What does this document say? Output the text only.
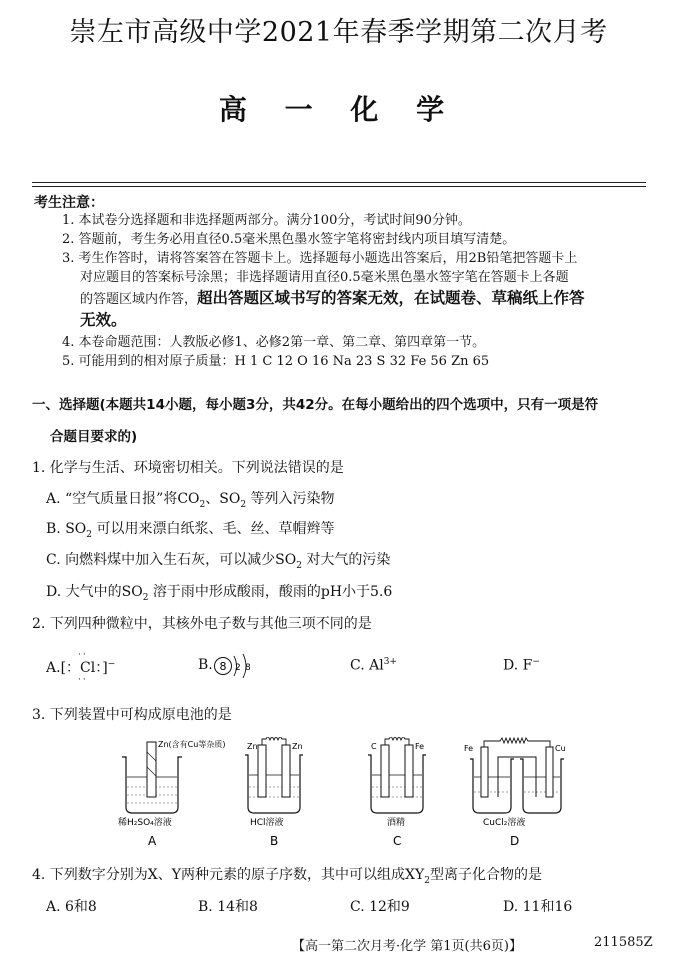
崇左市高级中学2021年春季学期第二次月考
高 一 化 学
考生注意：
1. 本试卷分选择题和非选择题两部分。满分100分，考试时间90分钟。
2. 答题前，考生务必用直径0.5毫米黑色墨水签字笔将密封线内项目填写清楚。
3. 考生作答时，请将答案答在答题卡上。选择题每小题选出答案后，用2B铅笔把答题卡上
对应题目的答案标号涂黑；非选择题请用直径0.5毫米黑色墨水签字笔在答题卡上各题
的答题区域内作答，超出答题区域书写的答案无效，在试题卷、草稿纸上作答
无效。
4. 本卷命题范围：人教版必修1、必修2第一章、第二章、第四章第一节。
5. 可能用到的相对原子质量：H 1 C 12 O 16 Na 23 S 32 Fe 56 Zn 65
一、选择题(本题共14小题，每小题3分，共42分。在每小题给出的四个选项中，只有一项是符
合题目要求的)
1. 化学与生活、环境密切相关。下列说法错误的是
A. “空气质量日报”将$CO_2$、$SO_2$ 等列入污染物
B. $SO_2$ 可以用来漂白纸浆、毛、丝、草帽辫等
C. 向燃料煤中加入生石灰，可以减少$SO_2$ 对大气的污染
D. 大气中的$SO_2$ 溶于雨中形成酸雨，酸雨的pH小于5.6
2. 下列四种微粒中，其核外电子数与其他三项不同的是
A.[：Cl：]−
··
··
B. 8 2 8	C. $Al^{3+}$	D. F−
3. 下列装置中可构成原电池的是
Zn(含有Cu等杂质)
稀H₂SO₄溶液
A
Zn	Zn
HCl溶液
B
C	Fe
酒精
C
Fe	Cu
CuCl₂溶液
D
4. 下列数字分别为X、Y两种元素的原子序数，其中可以组成$XY_2$型离子化合物的是
A. 6和8	B. 14和8	C. 12和9	D. 11和16
【高一第二次月考·化学 第1页(共6页)】	211585Z
